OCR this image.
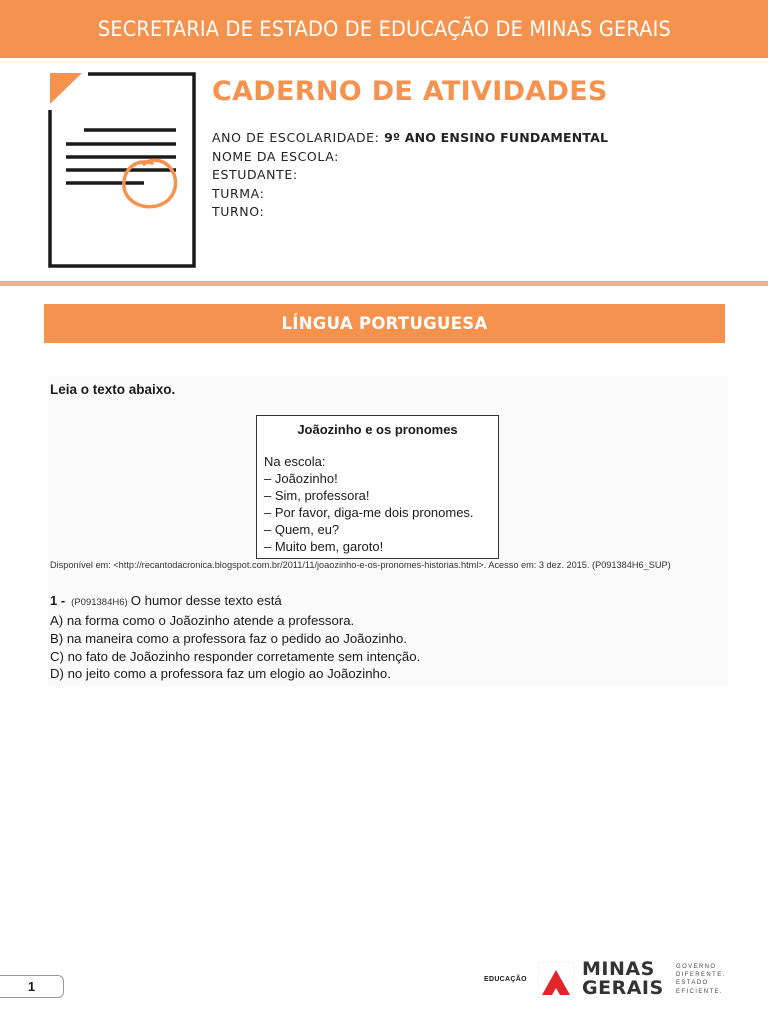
SECRETARIA DE ESTADO DE EDUCAÇÃO DE MINAS GERAIS
CADERNO DE ATIVIDADES
ANO DE ESCOLARIDADE: 9º ANO ENSINO FUNDAMENTAL
NOME DA ESCOLA:
ESTUDANTE:
TURMA:
TURNO:
LÍNGUA PORTUGUESA
Leia o texto abaixo.
Joãozinho e os pronomes
Na escola:
– Joãozinho!
– Sim, professora!
– Por favor, diga-me dois pronomes.
– Quem, eu?
– Muito bem, garoto!
Disponível em: <http://recantodacronica.blogspot.com.br/2011/11/joaozinho-e-os-pronomes-historias.html>. Acesso em: 3 dez. 2015. (P091384H6_SUP)
1 - (P091384H6) O humor desse texto está
A) na forma como o Joãozinho atende a professora.
B) na maneira como a professora faz o pedido ao Joãozinho.
C) no fato de Joãozinho responder corretamente sem intenção.
D) no jeito como a professora faz um elogio ao Joãozinho.
1	EDUCAÇÃO	MINAS
GERAIS
GOVERNO
DIFERENTE.
ESTADO
EFICIENTE.
